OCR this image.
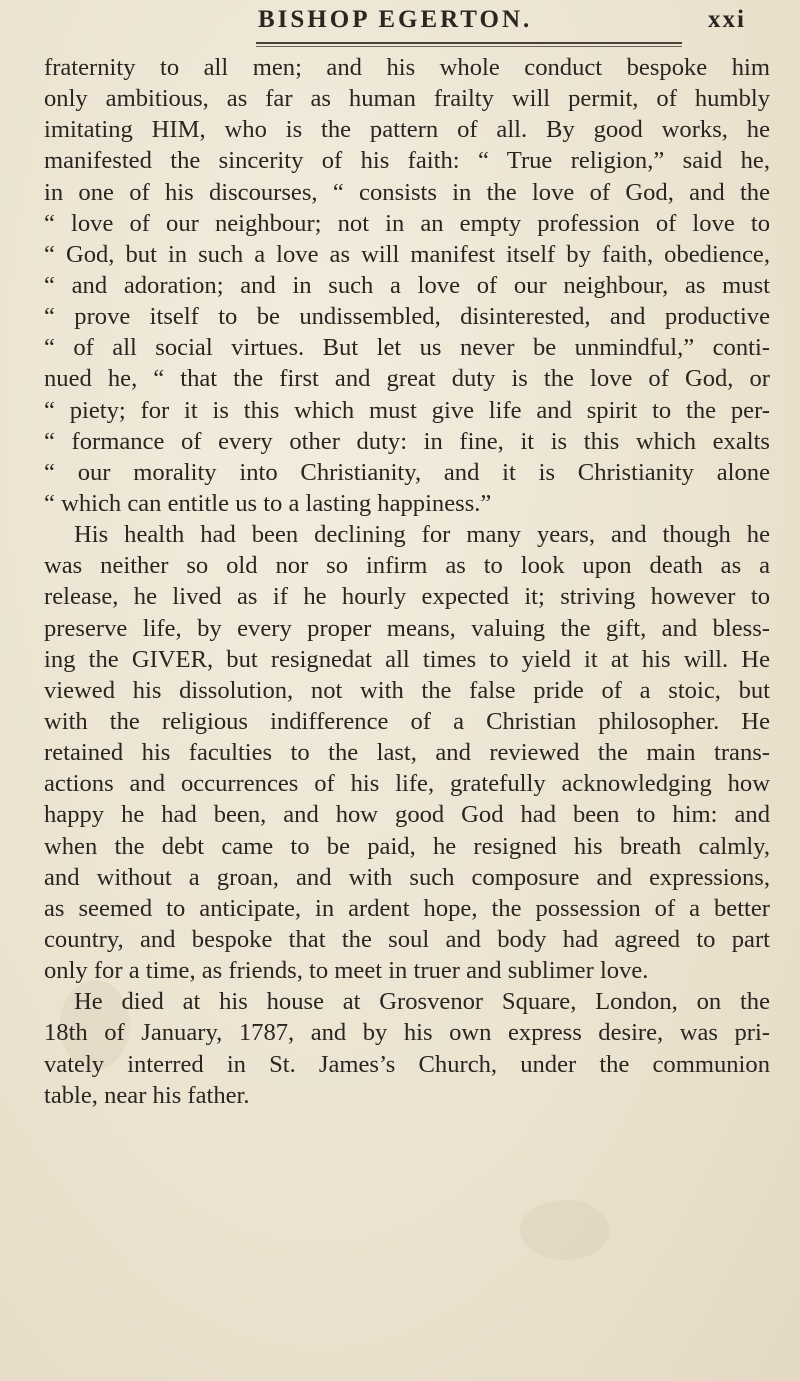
BISHOP EGERTON.	xxi
fraternity to all men; and his whole conduct bespoke him
only ambitious, as far as human frailty will permit, of humbly
imitating HIM, who is the pattern of all. By good works, he
manifested the sincerity of his faith: “ True religion,” said he,
in one of his discourses, “ consists in the love of God, and the
“ love of our neighbour; not in an empty profession of love to
“ God, but in such a love as will manifest itself by faith, obedience,
“ and adoration; and in such a love of our neighbour, as must
“ prove itself to be undissembled, disinterested, and productive
“ of all social virtues. But let us never be unmindful,” conti-
nued he, “ that the first and great duty is the love of God, or
“ piety; for it is this which must give life and spirit to the per-
“ formance of every other duty: in fine, it is this which exalts
“ our morality into Christianity, and it is Christianity alone
“ which can entitle us to a lasting happiness.”
His health had been declining for many years, and though he
was neither so old nor so infirm as to look upon death as a
release, he lived as if he hourly expected it; striving however to
preserve life, by every proper means, valuing the gift, and bless-
ing the GIVER, but resignedat all times to yield it at his will. He
viewed his dissolution, not with the false pride of a stoic, but
with the religious indifference of a Christian philosopher. He
retained his faculties to the last, and reviewed the main trans-
actions and occurrences of his life, gratefully acknowledging how
happy he had been, and how good God had been to him: and
when the debt came to be paid, he resigned his breath calmly,
and without a groan, and with such composure and expressions,
as seemed to anticipate, in ardent hope, the possession of a better
country, and bespoke that the soul and body had agreed to part
only for a time, as friends, to meet in truer and sublimer love.
He died at his house at Grosvenor Square, London, on the
18th of January, 1787, and by his own express desire, was pri-
vately interred in St. James’s Church, under the communion
table, near his father.
